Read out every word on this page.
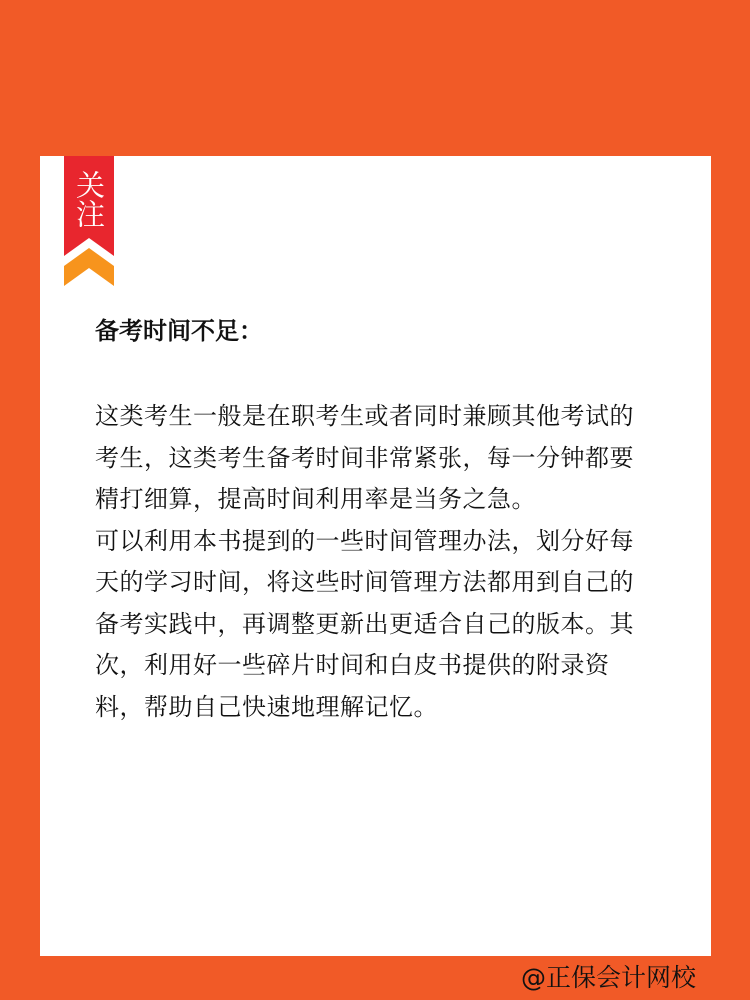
关注
备考时间不足：

这类考生一般是在职考生或者同时兼顾其他考试的考生，这类考生备考时间非常紧张，每一分钟都要精打细算，提高时间利用率是当务之急。

可以利用本书提到的一些时间管理办法，划分好每天的学习时间，将这些时间管理方法都用到自己的备考实践中，再调整更新出更适合自己的版本。其次，利用好一些碎片时间和白皮书提供的附录资料，帮助自己快速地理解记忆。

@正保会计网校
